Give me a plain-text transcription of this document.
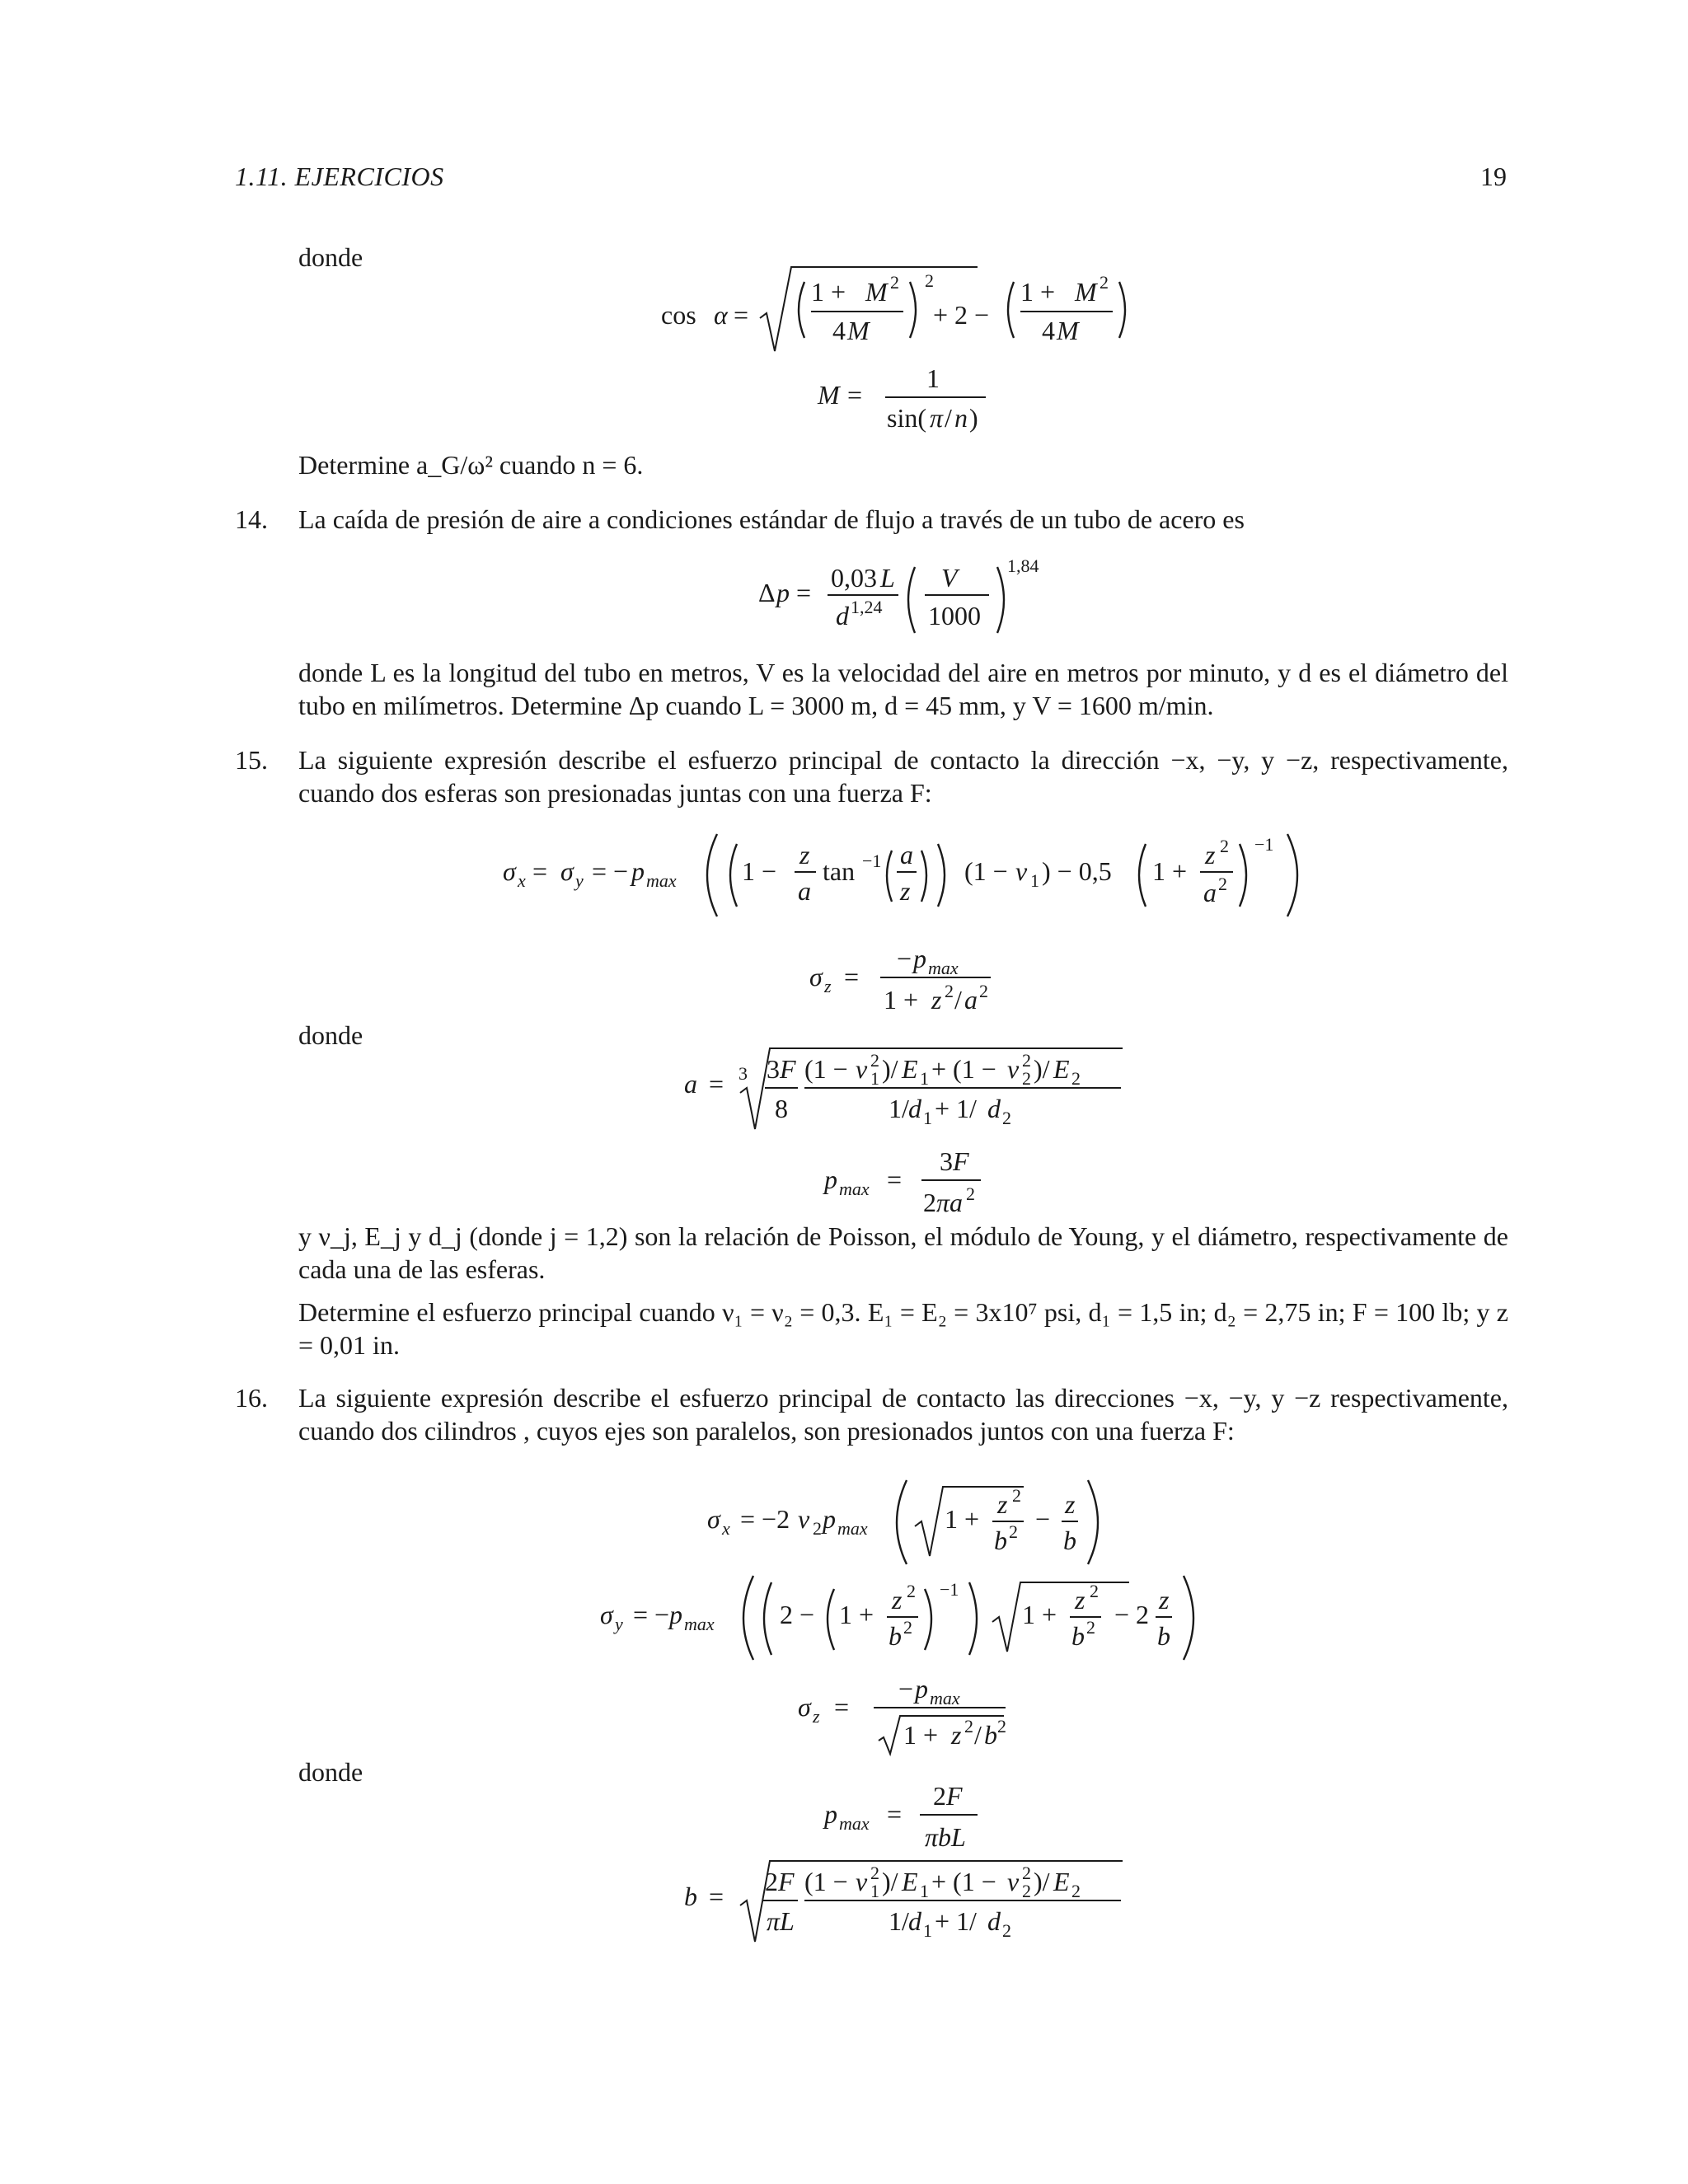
1.11. EJERCICIOS	19
donde
cos α =
1 + M 2
4 M
2
+ 2 −
1 + M 2
4 M
M =
1
sin( π / n )
Determine a_G/ω² cuando n = 6.
14. La caída de presión de aire a condiciones estándar de flujo a través de un tubo de acero es
Δ p = 0,03 L
d 1,24
V
1000
1,84
donde L es la longitud del tubo en metros, V es la velocidad del aire en metros por minuto, y d es el diámetro del tubo en milímetros. Determine Δp cuando L = 3000 m, d = 45 mm, y V = 1600 m/min.
15. La siguiente expresión describe el esfuerzo principal de contacto la dirección −x, −y, y −z, respectivamente, cuando dos esferas son presionadas juntas con una fuerza F:
σ x = σ y = − p max 1 −
z
a
tan −1 a
z
(1 − ν 1 ) − 0,5 1 +
z 2
a 2
−1
σ z =
− p max
1 + z 2 / a 2
donde
a = 3 3 F
8
(1 − ν 2
1 )/ E 1 + (1 − ν 2
2 )/ E 2
1/ d 1 + 1/ d 2
p max =
3 F
2 πa 2
y ν_j, E_j y d_j (donde j = 1,2) son la relación de Poisson, el módulo de Young, y el diámetro, respectivamente de cada una de las esferas.
Determine el esfuerzo principal cuando ν₁ = ν₂ = 0,3. E₁ = E₂ = 3x10⁷ psi, d₁ = 1,5 in; d₂ = 2,75 in; F = 100 lb; y z = 0,01 in.
16. La siguiente expresión describe el esfuerzo principal de contacto las direcciones −x, −y, y −z respectivamente, cuando dos cilindros , cuyos ejes son paralelos, son presionados juntos con una fuerza F:
σ x = −2 ν 2 p max	1 + z 2
b 2 − z
b
σ y = − p max 2 − 1 + z 2
b 2
−1
1 + z 2
b 2 − 2 z
b
σ z =
− p max
1 + z 2 / b 2
donde
p max =
2 F
πbL
b = 2 F
πL
(1 − ν 2
1 )/ E 1 + (1 − ν 2
2 )/ E 2
1/ d 1 + 1/ d 2
